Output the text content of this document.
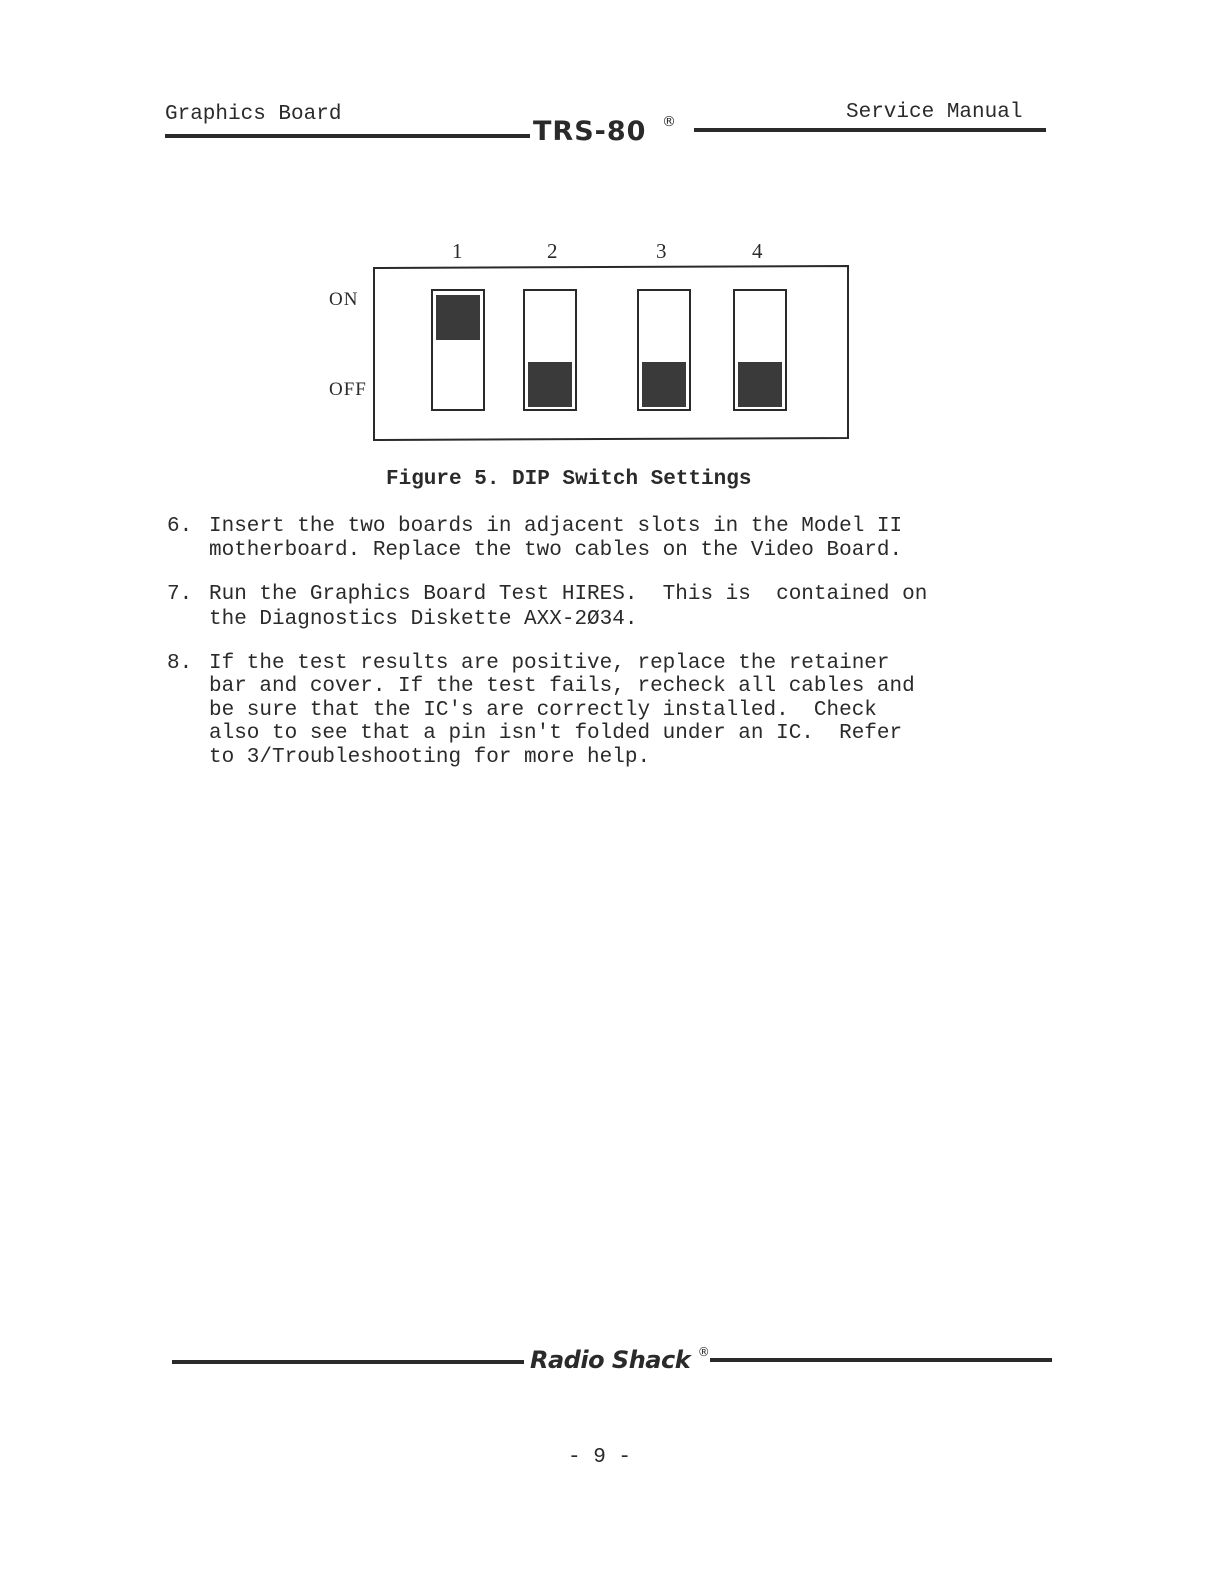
Graphics Board
TRS-80 ®	Service Manual
1	2	3	4
ON
OFF
Figure 5. DIP Switch Settings
6. Insert the two boards in adjacent slots in the Model II
motherboard. Replace the two cables on the Video Board.
7. Run the Graphics Board Test HIRES.  This is  contained on
the Diagnostics Diskette AXX-2Ø34.
8. If the test results are positive, replace the retainer
bar and cover. If the test fails, recheck all cables and
be sure that the IC's are correctly installed.  Check
also to see that a pin isn't folded under an IC.  Refer
to 3/Troubleshooting for more help.
Radio Shack ®
- 9 -
